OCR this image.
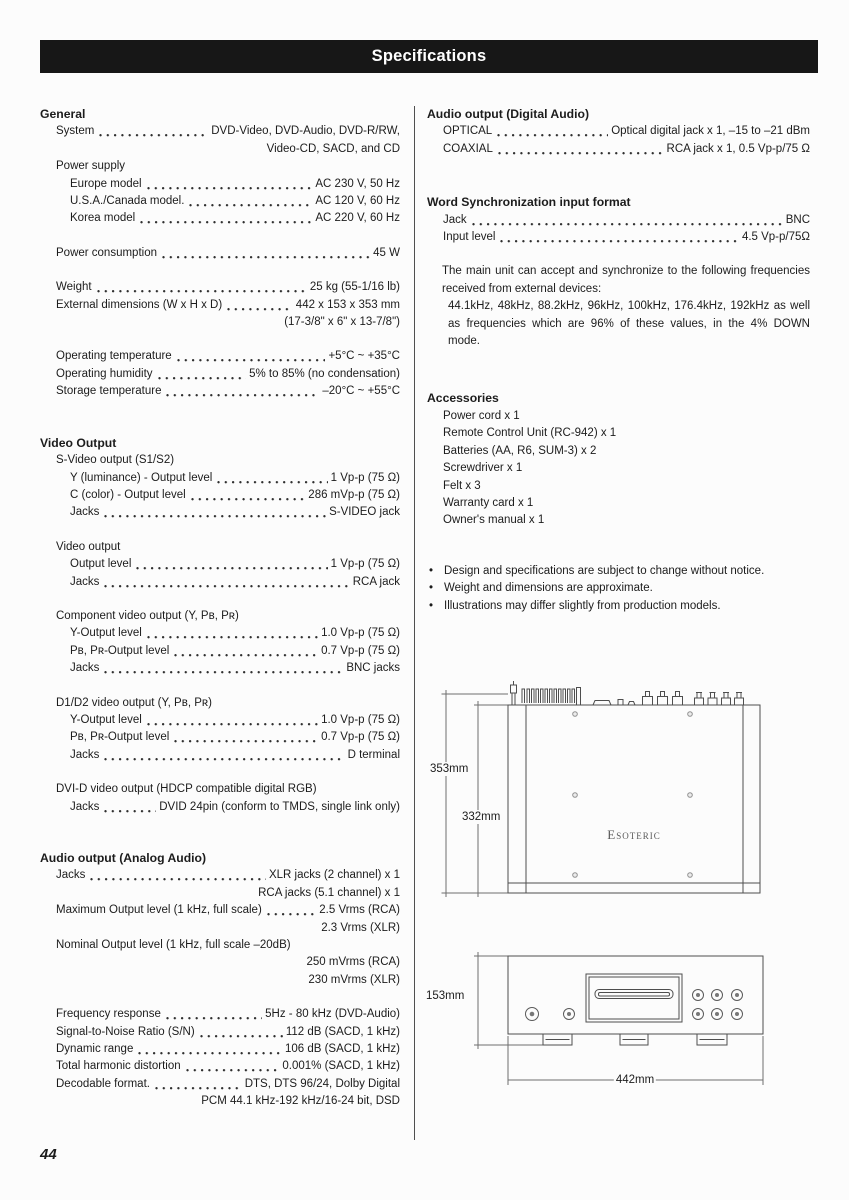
Specifications
General
System	DVD-Video, DVD-Audio, DVD-R/RW,
Video-CD, SACD, and CD
Power supply
Europe model	AC 230 V, 50 Hz
U.S.A./Canada model.	AC 120 V, 60 Hz
Korea model	AC 220 V, 60 Hz
Power consumption	45 W
Weight	25 kg (55-1/16 lb)
External dimensions (W x H x D)	442 x 153 x 353 mm
(17-3/8" x 6" x 13-7/8")
Operating temperature	+5°C ~ +35°C
Operating humidity	5% to 85% (no condensation)
Storage temperature	–20°C ~ +55°C
Video Output
S-Video output (S1/S2)
Y (luminance) - Output level	1 Vp-p (75 Ω)
C (color) - Output level	286 mVp-p (75 Ω)
Jacks	S-VIDEO jack
Video output
Output level	1 Vp-p (75 Ω)
Jacks	RCA jack
Component video output (Y, Pʙ, Pʀ)
Y-Output level	1.0 Vp-p (75 Ω)
Pʙ, Pʀ-Output level	0.7 Vp-p (75 Ω)
Jacks	BNC jacks
D1/D2 video output (Y, Pʙ, Pʀ)
Y-Output level	1.0 Vp-p (75 Ω)
Pʙ, Pʀ-Output level	0.7 Vp-p (75 Ω)
Jacks	D terminal
DVI-D video output (HDCP compatible digital RGB)
Jacks	DVID 24pin (conform to TMDS, single link only)
Audio output (Analog Audio)
Jacks	XLR jacks (2 channel) x 1
RCA jacks (5.1 channel) x 1
Maximum Output level (1 kHz, full scale)	2.5 Vrms (RCA)
2.3 Vrms (XLR)
Nominal Output level (1 kHz, full scale –20dB)
250 mVrms (RCA)
230 mVrms (XLR)
Frequency response	5Hz - 80 kHz (DVD-Audio)
Signal-to-Noise Ratio (S/N)	112 dB (SACD, 1 kHz)
Dynamic range	106 dB (SACD, 1 kHz)
Total harmonic distortion	0.001% (SACD, 1 kHz)
Decodable format.	DTS, DTS 96/24, Dolby Digital
PCM 44.1 kHz-192 kHz/16-24 bit, DSD
Audio output (Digital Audio)
OPTICAL	Optical digital jack x 1, –15 to –21 dBm
COAXIAL	RCA jack x 1, 0.5 Vp-p/75 Ω
Word Synchronization input format
Jack	BNC
Input level	4.5 Vp-p/75Ω
The main unit can accept and synchronize to the following frequencies received from external devices:
44.1kHz, 48kHz, 88.2kHz, 96kHz, 100kHz, 176.4kHz, 192kHz as well as frequencies which are 96% of these values, in the 4% DOWN mode.
Accessories
Power cord x 1
Remote Control Unit (RC-942) x 1
Batteries (AA, R6, SUM-3) x 2
Screwdriver x 1
Felt x 3
Warranty card x 1
Owner's manual x 1
• Design and specifications are subject to change without notice.
• Weight and dimensions are approximate.
• Illustrations may differ slightly from production models.
Esoteric
353mm
332mm
153mm
442mm
44
